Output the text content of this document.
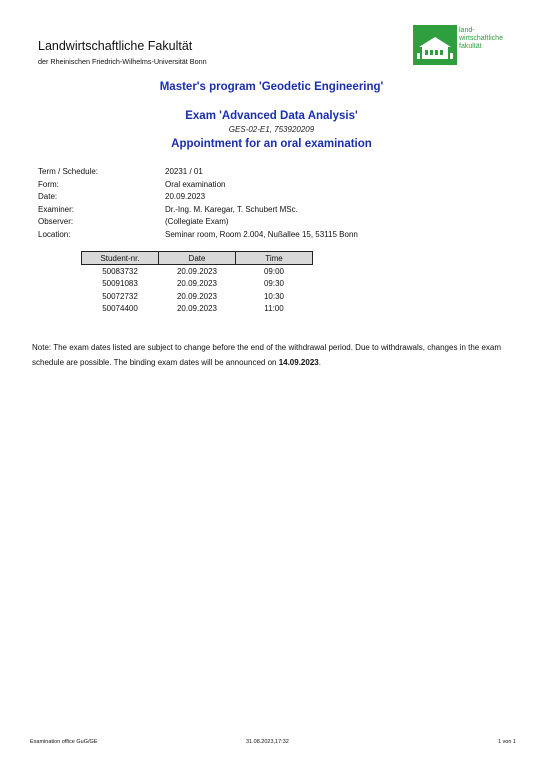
Landwirtschaftliche Fakultät
der Rheinischen Friedrich-Wilhelms-Universität Bonn
land-
wirtschaftliche
fakultät
Master's program 'Geodetic Engineering'
Exam 'Advanced Data Analysis'
GES-02-E1, 753920209
Appointment for an oral examination
Term / Schedule:	20231 / 01
Form:	Oral examination
Date:	20.09.2023
Examiner:	Dr.-Ing. M. Karegar, T. Schubert MSc.
Observer:	(Collegiate Exam)
Location:	Seminar room, Room 2.004, Nußallee 15, 53115 Bonn
Student-nr.	Date	Time
50083732	20.09.2023	09:00
50091083	20.09.2023	09:30
50072732	20.09.2023	10:30
50074400	20.09.2023	11:00
Note: The exam dates listed are subject to change before the end of the withdrawal period. Due to withdrawals, changes in the exam schedule are possible. The binding exam dates will be announced on 14.09.2023.
Examination office GuG/GE	31.08.2023,17:32	1 von 1
